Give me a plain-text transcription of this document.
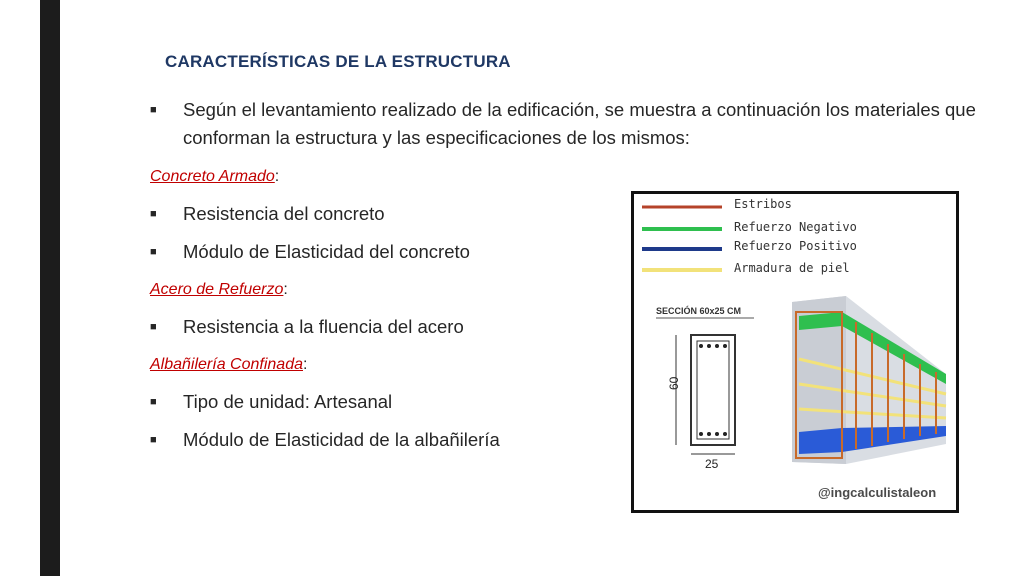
CARACTERÍSTICAS DE LA ESTRUCTURA
■	Según el levantamiento realizado de la edificación, se muestra a continuación los materiales que conforman la estructura y las especificaciones de los mismos:
Concreto Armado:
■	Resistencia del concreto
■	Módulo de Elasticidad del concreto
Acero de Refuerzo:
■	Resistencia a la fluencia del acero
Albañilería Confinada:
■	Tipo de unidad: Artesanal
■	Módulo de Elasticidad de la albañilería
Estribos
Refuerzo Negativo
Refuerzo Positivo
Armadura de piel
SECCIÓN 60x25 CM
60
25
@ingcalculistaleon
